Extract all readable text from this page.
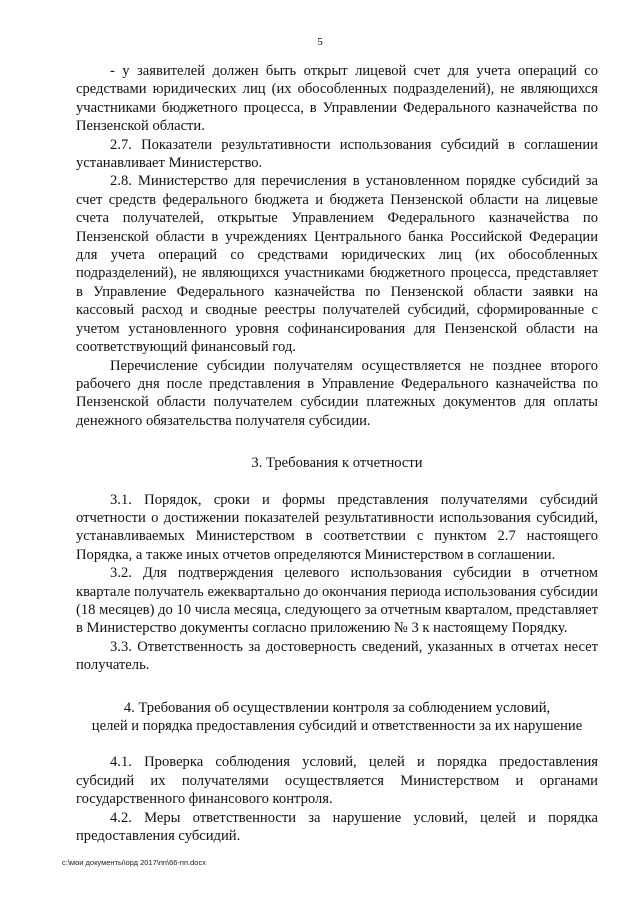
5

- у заявителей должен быть открыт лицевой счет для учета операций со средствами юридических лиц (их обособленных подразделений), не являющихся участниками бюджетного процесса, в Управлении Федерального казначейства по Пензенской области.

2.7. Показатели результативности использования субсидий в соглашении устанавливает Министерство.

2.8. Министерство для перечисления в установленном порядке субсидий за счет средств федерального бюджета и бюджета Пензенской области на лицевые счета получателей, открытые Управлением Федерального казначейства по Пензенской области в учреждениях Центрального банка Российской Федерации для учета операций со средствами юридических лиц (их обособленных подразделений), не являющихся участниками бюджетного процесса, представляет в Управление Федерального казначейства по Пензенской области заявки на кассовый расход и сводные реестры получателей субсидий, сформированные с учетом установленного уровня софинансирования для Пензенской области на соответствующий финансовый год.

Перечисление субсидии получателям осуществляется не позднее второго рабочего дня после представления в Управление Федерального казначейства по Пензенской области получателем субсидии платежных документов для оплаты денежного обязательства получателя субсидии.

3. Требования к отчетности

3.1. Порядок, сроки и формы представления получателями субсидий отчетности о достижении показателей результативности использования субсидий, устанавливаемых Министерством в соответствии с пунктом 2.7 настоящего Порядка, а также иных отчетов определяются Министерством в соглашении.

3.2. Для подтверждения целевого использования субсидии в отчетном квартале получатель ежеквартально до окончания периода использования субсидии (18 месяцев) до 10 числа месяца, следующего за отчетным кварталом, представляет в Министерство документы согласно приложению № 3 к настоящему Порядку.

3.3. Ответственность за достоверность сведений, указанных в отчетах несет получатель.

4. Требования об осуществлении контроля за соблюдением условий,
целей и порядка предоставления субсидий и ответственности за их нарушение

4.1. Проверка соблюдения условий, целей и порядка предоставления субсидий их получателями осуществляется Министерством и органами государственного финансового контроля.

4.2. Меры ответственности за нарушение условий, целей и порядка предоставления субсидий.

c:\мои документы\орд 2017\пп\66-пп.docx
